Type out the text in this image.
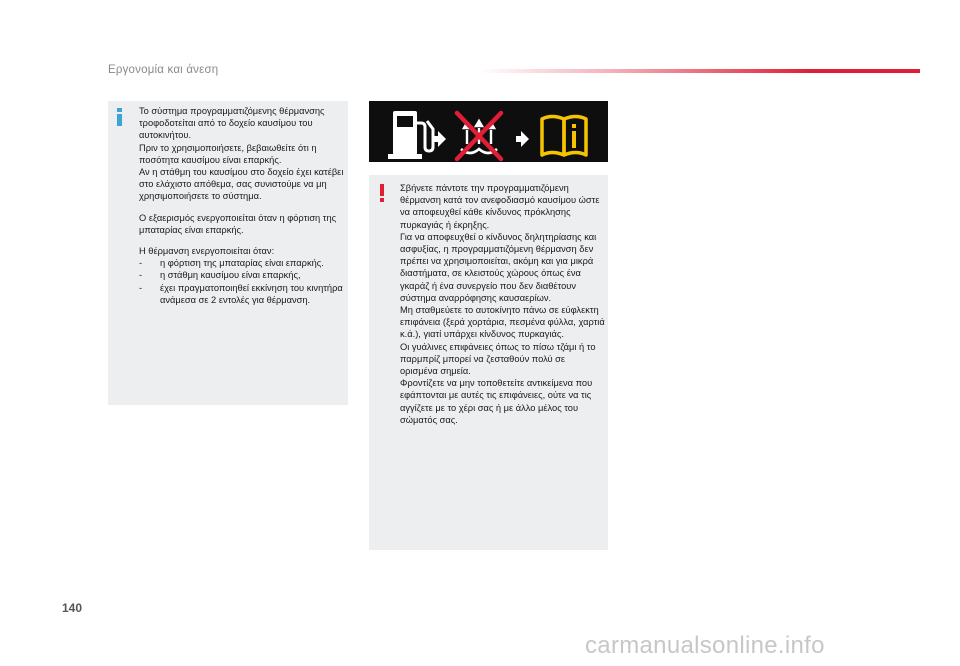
Εργονομία και άνεση
Το σύστημα προγραμματιζόμενης θέρμανσης τροφοδοτείται από το δοχείο καυσίμου του αυτοκινήτου.
Πριν το χρησιμοποιήσετε, βεβαιωθείτε ότι η ποσότητα καυσίμου είναι επαρκής.
Αν η στάθμη του καυσίμου στο δοχείο έχει κατέβει στο ελάχιστο απόθεμα, σας συνιστούμε να μη χρησιμοποιήσετε το σύστημα.
Ο εξαερισμός ενεργοποιείται όταν η φόρτιση της μπαταρίας είναι επαρκής.
Η θέρμανση ενεργοποιείται όταν:
- η φόρτιση της μπαταρίας είναι επαρκής.
- η στάθμη καυσίμου είναι επαρκής,
- έχει πραγματοποιηθεί εκκίνηση του κινητήρα ανάμεσα σε 2 εντολές για θέρμανση.

Σβήνετε πάντοτε την προγραμματιζόμενη θέρμανση κατά τον ανεφοδιασμό καυσίμου ώστε να αποφευχθεί κάθε κίνδυνος πρόκλησης πυρκαγιάς ή έκρηξης.
Για να αποφευχθεί ο κίνδυνος δηλητηρίασης και ασφυξίας, η προγραμματιζόμενη θέρμανση δεν πρέπει να χρησιμοποιείται, ακόμη και για μικρά διαστήματα, σε κλειστούς χώρους όπως ένα γκαράζ ή ένα συνεργείο που δεν διαθέτουν σύστημα αναρρόφησης καυσαερίων.
Μη σταθμεύετε το αυτοκίνητο πάνω σε εύφλεκτη επιφάνεια (ξερά χορτάρια, πεσμένα φύλλα, χαρτιά κ.ά.), γιατί υπάρχει κίνδυνος πυρκαγιάς.
Οι γυάλινες επιφάνειες όπως το πίσω τζάμι ή το παρμπρίζ μπορεί να ζεσταθούν πολύ σε ορισμένα σημεία.
Φροντίζετε να μην τοποθετείτε αντικείμενα που εφάπτονται με αυτές τις επιφάνειες, ούτε να τις αγγίζετε με το χέρι σας ή με άλλο μέλος του σώματός σας.

140
carmanualsonline.info
